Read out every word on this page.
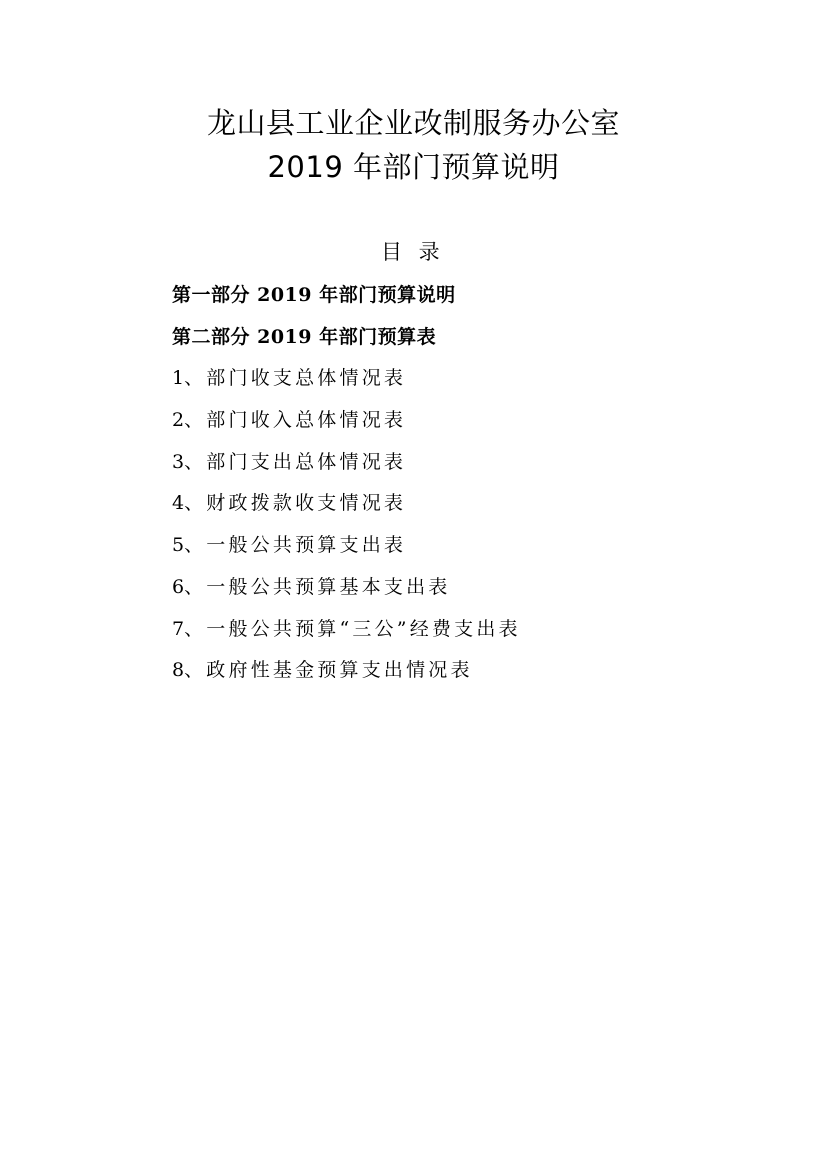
龙山县工业企业改制服务办公室
2019 年部门预算说明
目 录
第一部分 2019 年部门预算说明
第二部分 2019 年部门预算表
1、部门收支总体情况表
2、部门收入总体情况表
3、部门支出总体情况表
4、财政拨款收支情况表
5、一般公共预算支出表
6、一般公共预算基本支出表
7、一般公共预算“三公”经费支出表
8、政府性基金预算支出情况表
